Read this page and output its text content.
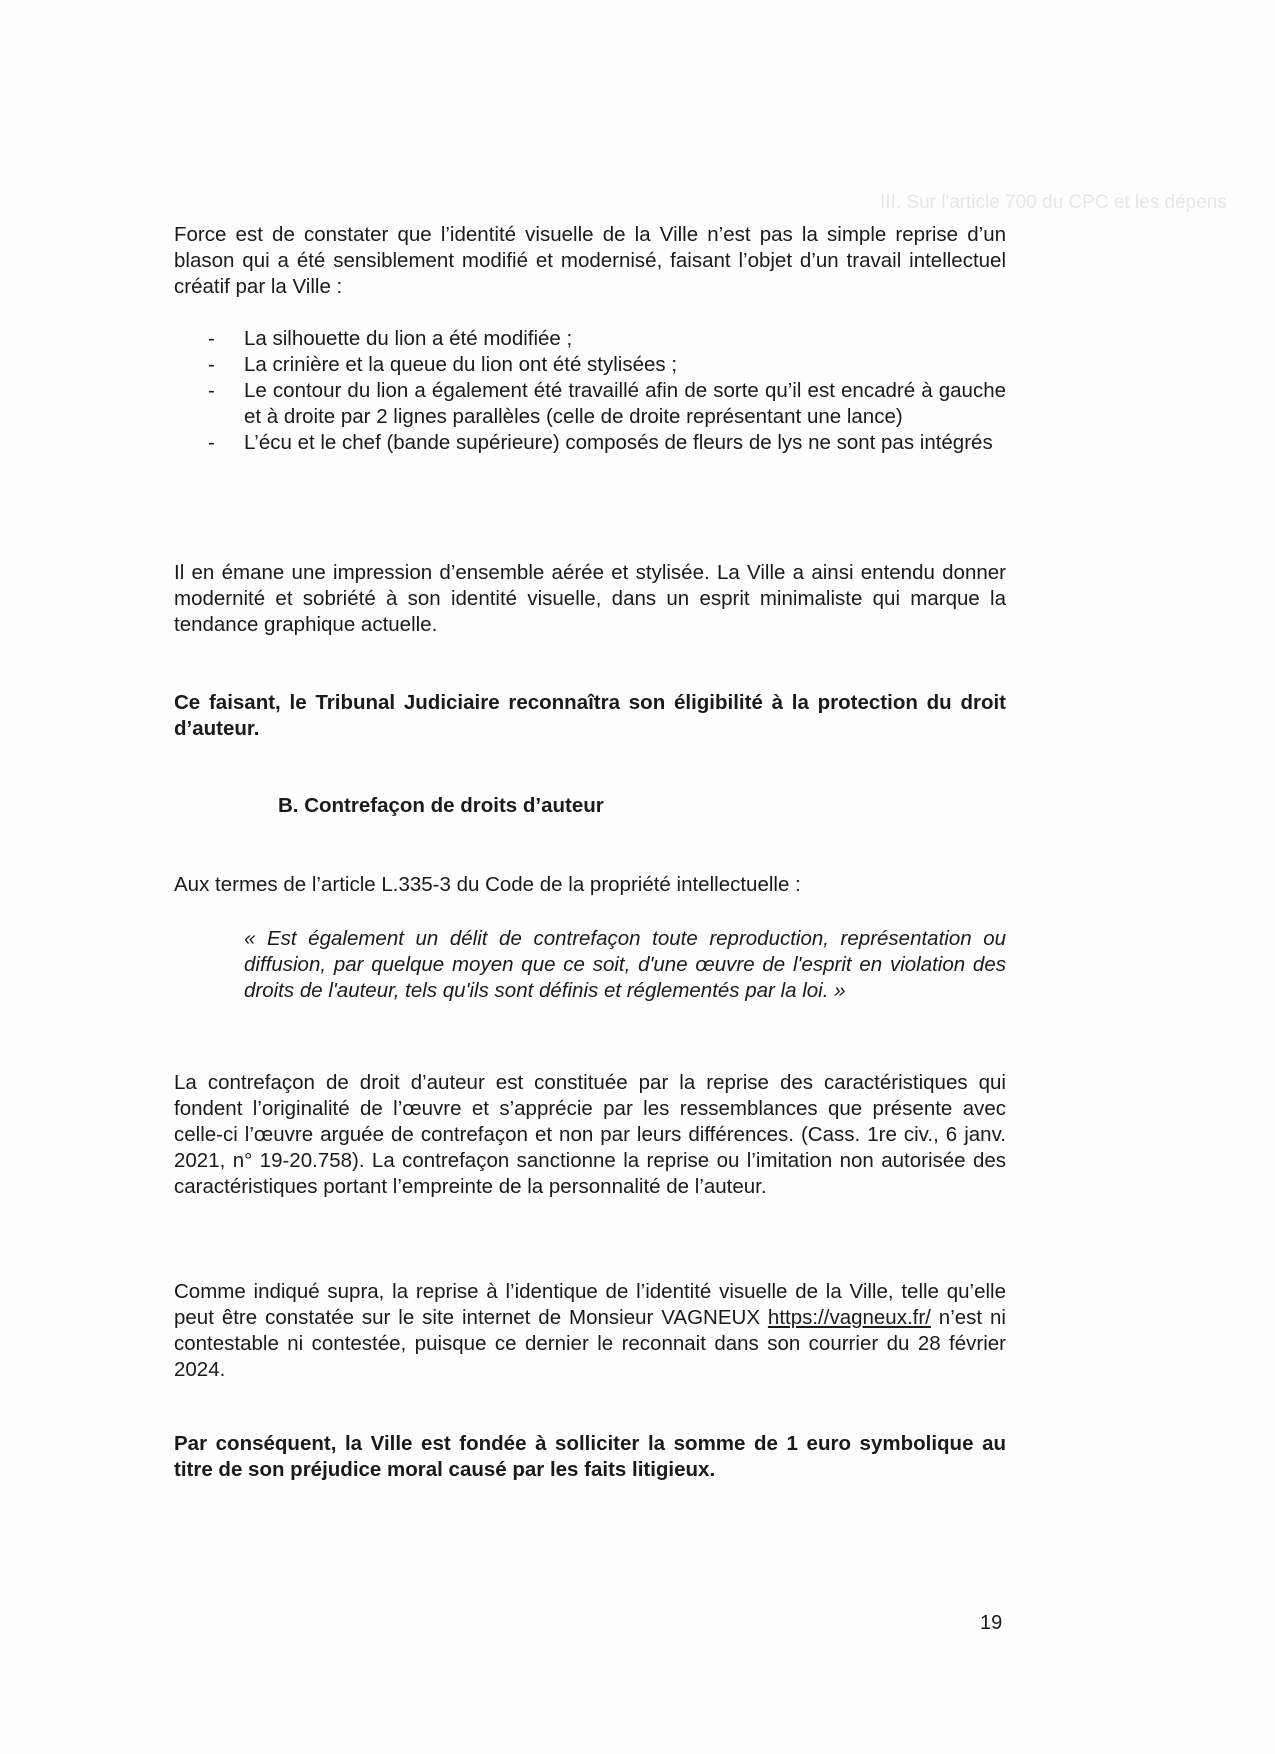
III. Sur l'article 700 du CPC et les dépens

Force est de constater que l’identité visuelle de la Ville n’est pas la simple reprise d’un blason qui a été sensiblement modifié et modernisé, faisant l’objet d’un travail intellectuel créatif par la Ville :

- La silhouette du lion a été modifiée ;
- La crinière et la queue du lion ont été stylisées ;
- Le contour du lion a également été travaillé afin de sorte qu’il est encadré à gauche et à droite par 2 lignes parallèles (celle de droite représentant une lance)
- L’écu et le chef (bande supérieure) composés de fleurs de lys ne sont pas intégrés

Il en émane une impression d’ensemble aérée et stylisée. La Ville a ainsi entendu donner modernité et sobriété à son identité visuelle, dans un esprit minimaliste qui marque la tendance graphique actuelle.

Ce faisant, le Tribunal Judiciaire reconnaîtra son éligibilité à la protection du droit d’auteur.

B. Contrefaçon de droits d’auteur

Aux termes de l’article L.335-3 du Code de la propriété intellectuelle :

« Est également un délit de contrefaçon toute reproduction, représentation ou diffusion, par quelque moyen que ce soit, d'une œuvre de l'esprit en violation des droits de l'auteur, tels qu'ils sont définis et réglementés par la loi. »

La contrefaçon de droit d’auteur est constituée par la reprise des caractéristiques qui fondent l’originalité de l’œuvre et s’apprécie par les ressemblances que présente avec celle-ci l’œuvre arguée de contrefaçon et non par leurs différences. (Cass. 1re civ., 6 janv. 2021, n° 19-20.758). La contrefaçon sanctionne la reprise ou l’imitation non autorisée des caractéristiques portant l’empreinte de la personnalité de l’auteur.

Comme indiqué supra, la reprise à l’identique de l’identité visuelle de la Ville, telle qu’elle peut être constatée sur le site internet de Monsieur VAGNEUX https://vagneux.fr/ n’est ni contestable ni contestée, puisque ce dernier le reconnait dans son courrier du 28 février 2024.

Par conséquent, la Ville est fondée à solliciter la somme de 1 euro symbolique au titre de son préjudice moral causé par les faits litigieux.

19
